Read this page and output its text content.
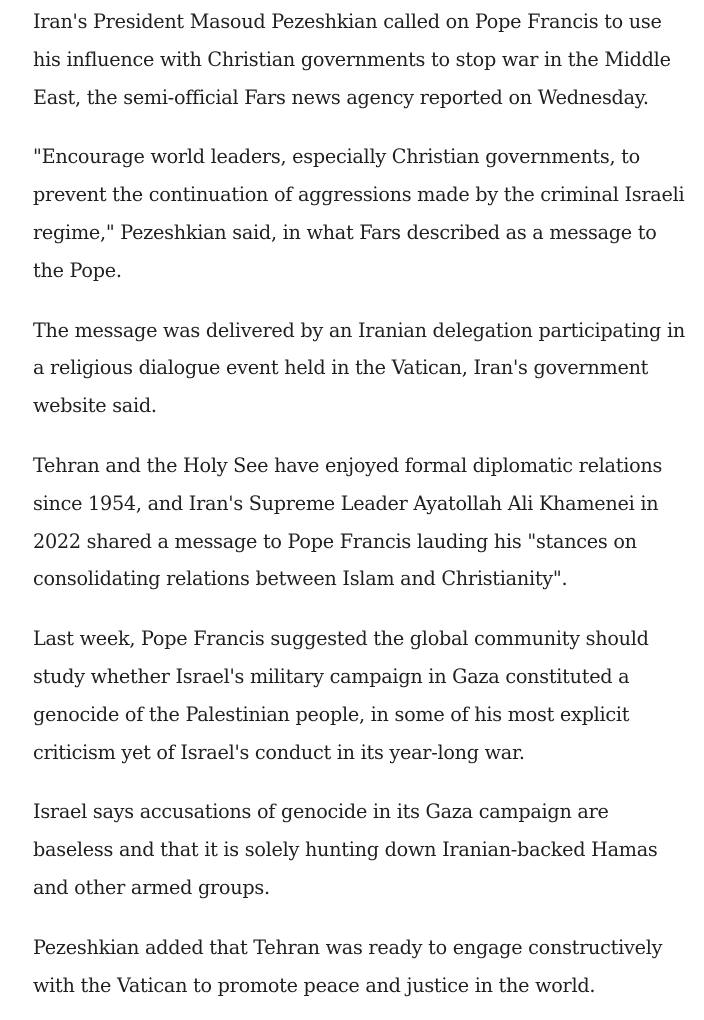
Iran's President Masoud Pezeshkian called on Pope Francis to use his influence with Christian governments to stop war in the Middle East, the semi-official Fars news agency reported on Wednesday.

"Encourage world leaders, especially Christian governments, to prevent the continuation of aggressions made by the criminal Israeli regime," Pezeshkian said, in what Fars described as a message to the Pope.

The message was delivered by an Iranian delegation participating in a religious dialogue event held in the Vatican, Iran's government website said.

Tehran and the Holy See have enjoyed formal diplomatic relations since 1954, and Iran's Supreme Leader Ayatollah Ali Khamenei in 2022 shared a message to Pope Francis lauding his "stances on consolidating relations between Islam and Christianity".

Last week, Pope Francis suggested the global community should study whether Israel's military campaign in Gaza constituted a genocide of the Palestinian people, in some of his most explicit criticism yet of Israel's conduct in its year-long war.

Israel says accusations of genocide in its Gaza campaign are baseless and that it is solely hunting down Iranian-backed Hamas and other armed groups.

Pezeshkian added that Tehran was ready to engage constructively with the Vatican to promote peace and justice in the world.
